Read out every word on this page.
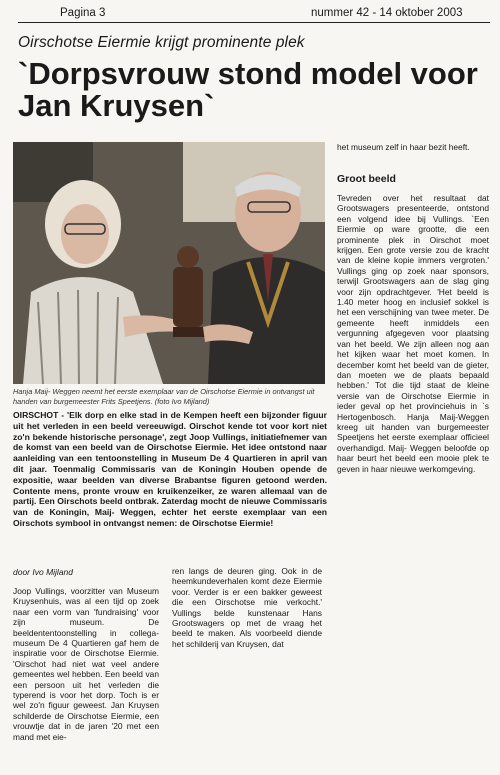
Pagina 3	nummer 42 - 14 oktober 2003
Oirschotse Eiermie krijgt prominente plek
`Dorpsvrouw stond model voor Jan Kruysen`
Hanja Maij- Weggen neemt het eerste exemplaar van de Oirschotse Eiermie in ontvangst uit handen van burgemeester Frits Speetjens. (foto Ivo Mijland)
OIRSCHOT - 'Elk dorp en elke stad in de Kempen heeft een bijzonder figuur uit het verleden in een beeld vereeuwigd. Oirschot kende tot voor kort niet zo'n bekende historische personage', zegt Joop Vullings, initiatiefnemer van de komst van een beeld van de Oirschotse Eiermie. Het idee ontstond naar aanleiding van een tentoonstelling in Museum De 4 Quartieren in april van dit jaar. Toenmalig Commissaris van de Koningin Houben opende de expositie, waar beelden van diverse Brabantse figuren getoond werden. Contente mens, pronte vrouw en kruikenzeiker, ze waren allemaal van de partij. Een Oirschots beeld ontbrak. Zaterdag mocht de nieuwe Commissaris van de Koningin, Maij- Weggen, echter het eerste exemplaar van een Oirschots symbool in ontvangst nemen: de Oirschotse Eiermie!
door Ivo Mijland
Joop Vullings, voorzitter van Museum Kruysenhuis, was al een tijd op zoek naar een vorm van 'fundraising' voor zijn museum. De beeldententoonstelling in collega-museum De 4 Quartieren gaf hem de inspiratie voor de Oirschotse Eiermie. 'Oirschot had niet wat veel andere gemeentes wel hebben. Een beeld van een persoon uit het verleden die typerend is voor het dorp. Toch is er wel zo'n figuur geweest. Jan Kruysen schilderde de Oirschotse Eiermie, een vrouwtje dat in de jaren '20 met een mand met eie-
ren langs de deuren ging. Ook in de heemkundeverhalen komt deze Eiermie voor. Verder is er een bakker geweest die een Oirschotse mie verkocht.' Vullings belde kunstenaar Hans Grootswagers op met de vraag het beeld te maken. Als voorbeeld diende het schilderij van Kruysen, dat
het museum zelf in haar bezit heeft.
Groot beeld
Tevreden over het resultaat dat Grootswagers presenteerde, ontstond een volgend idee bij Vullings. `Een Eiermie op ware grootte, die een prominente plek in Oirschot moet krijgen. Een grote versie zou de kracht van de kleine kopie immers vergroten.' Vullings ging op zoek naar sponsors, terwijl Grootswagers aan de slag ging voor zijn opdrachtgever. 'Het beeld is 1.40 meter hoog en inclusief sokkel is het een verschijning van twee meter. De gemeente heeft inmiddels een vergunning afgegeven voor plaatsing van het beeld. We zijn alleen nog aan het kijken waar het moet komen. In december komt het beeld van de gieter, dan moeten we de plaats bepaald hebben.' Tot die tijd staat de kleine versie van de Oirschotse Eiermie in ieder geval op het provinciehuis in `s Hertogenbosch. Hanja Maij-Weggen kreeg uit handen van burgemeester Speetjens het eerste exemplaar officieel overhandigd. Maij- Weggen beloofde op haar beurt het beeld een mooie plek te geven in haar nieuwe werkomgeving.
